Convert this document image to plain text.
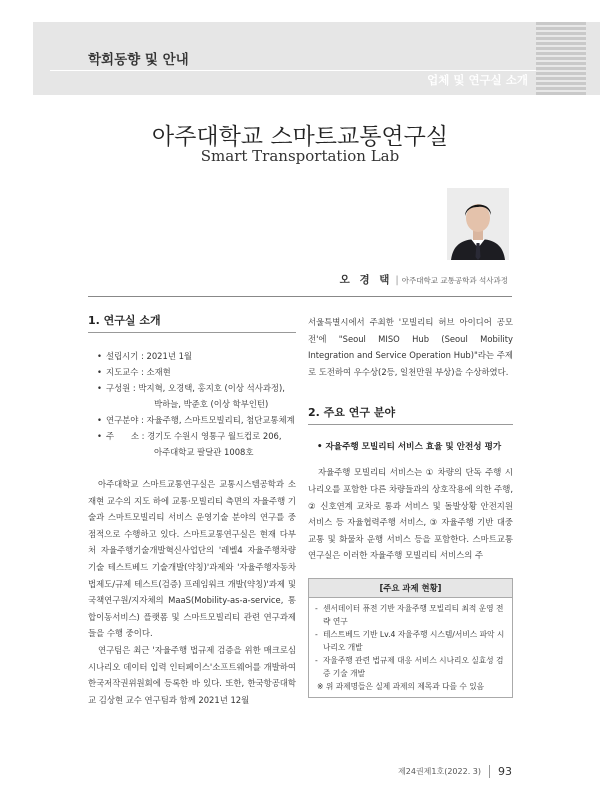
학회동향 및 안내
업체 및 연구실 소개
아주대학교 스마트교통연구실
Smart Transportation Lab
오 경 택 | 아주대학교 교통공학과 석사과정
1. 연구실 소개
• 설립시기 : 2021년 1월
• 지도교수 : 소재현
• 구성원 : 박지혁, 오경택, 홍지호 (이상 석사과정),
박하늘, 박준호 (이상 학부인턴)
• 연구분야 : 자율주행, 스마트모빌리티, 첨단교통체계
• 주　　소 : 경기도 수원시 영통구 월드컵로 206,
아주대학교 팔달관 1008호

아주대학교 스마트교통연구실은 교통시스템공학과 소재현 교수의 지도 하에 교통·모빌리티 측면의 자율주행 기술과 스마트모빌리티 서비스 운영기술 분야의 연구를 중점적으로 수행하고 있다. 스마트교통연구실은 현재 다부처 자율주행기술개발혁신사업단의 '레벨4 자율주행차량기술 테스트베드 기술개발(약칭)'과제와 '자율주행자동차 법제도/규제 테스트(검증) 프레임워크 개발(약칭)'과제 및 국책연구원/지자체의 MaaS(Mobility-as-a-service, 통합이동서비스) 플랫폼 및 스마트모빌리티 관련 연구과제들을 수행 중이다.

연구팀은 최근 '자율주행 법규제 검증을 위한 매크로심 시나리오 데이터 입력 인터페이스'소프트웨어를 개발하여 한국저작권위원회에 등록한 바 있다. 또한, 한국항공대학교 김상현 교수 연구팀과 함께 2021년 12월

서울특별시에서 주최한 '모빌리티 허브 아이디어 공모전'에 "Seoul MISO Hub (Seoul Mobility Integration and Service Operation Hub)"라는 주제로 도전하여 우수상(2등, 일천만원 부상)을 수상하였다.

2. 주요 연구 분야
• 자율주행 모빌리티 서비스 효율 및 안전성 평가

자율주행 모빌리티 서비스는 ① 차량의 단독 주행 시나리오를 포함한 다른 차량들과의 상호작용에 의한 주행, ② 신호연계 교차로 통과 서비스 및 돌발상황 안전지원 서비스 등 자율협력주행 서비스, ③ 자율주행 기반 대중교통 및 화물차 운행 서비스 등을 포함한다. 스마트교통연구실은 이러한 자율주행 모빌리티 서비스의 주

[주요 과제 현황]
- 센서데이터 퓨전 기반 자율주행 모빌리티 최적 운영 전략 연구
- 테스트베드 기반 Lv.4 자율주행 시스템/서비스 파악 시나리오 개발
- 자율주행 관련 법규제 대응 서비스 시나리오 실효성 검증 기술 개발
※ 위 과제명들은 실제 과제의 제목과 다를 수 있음
제24권제1호(2022. 3) 93
